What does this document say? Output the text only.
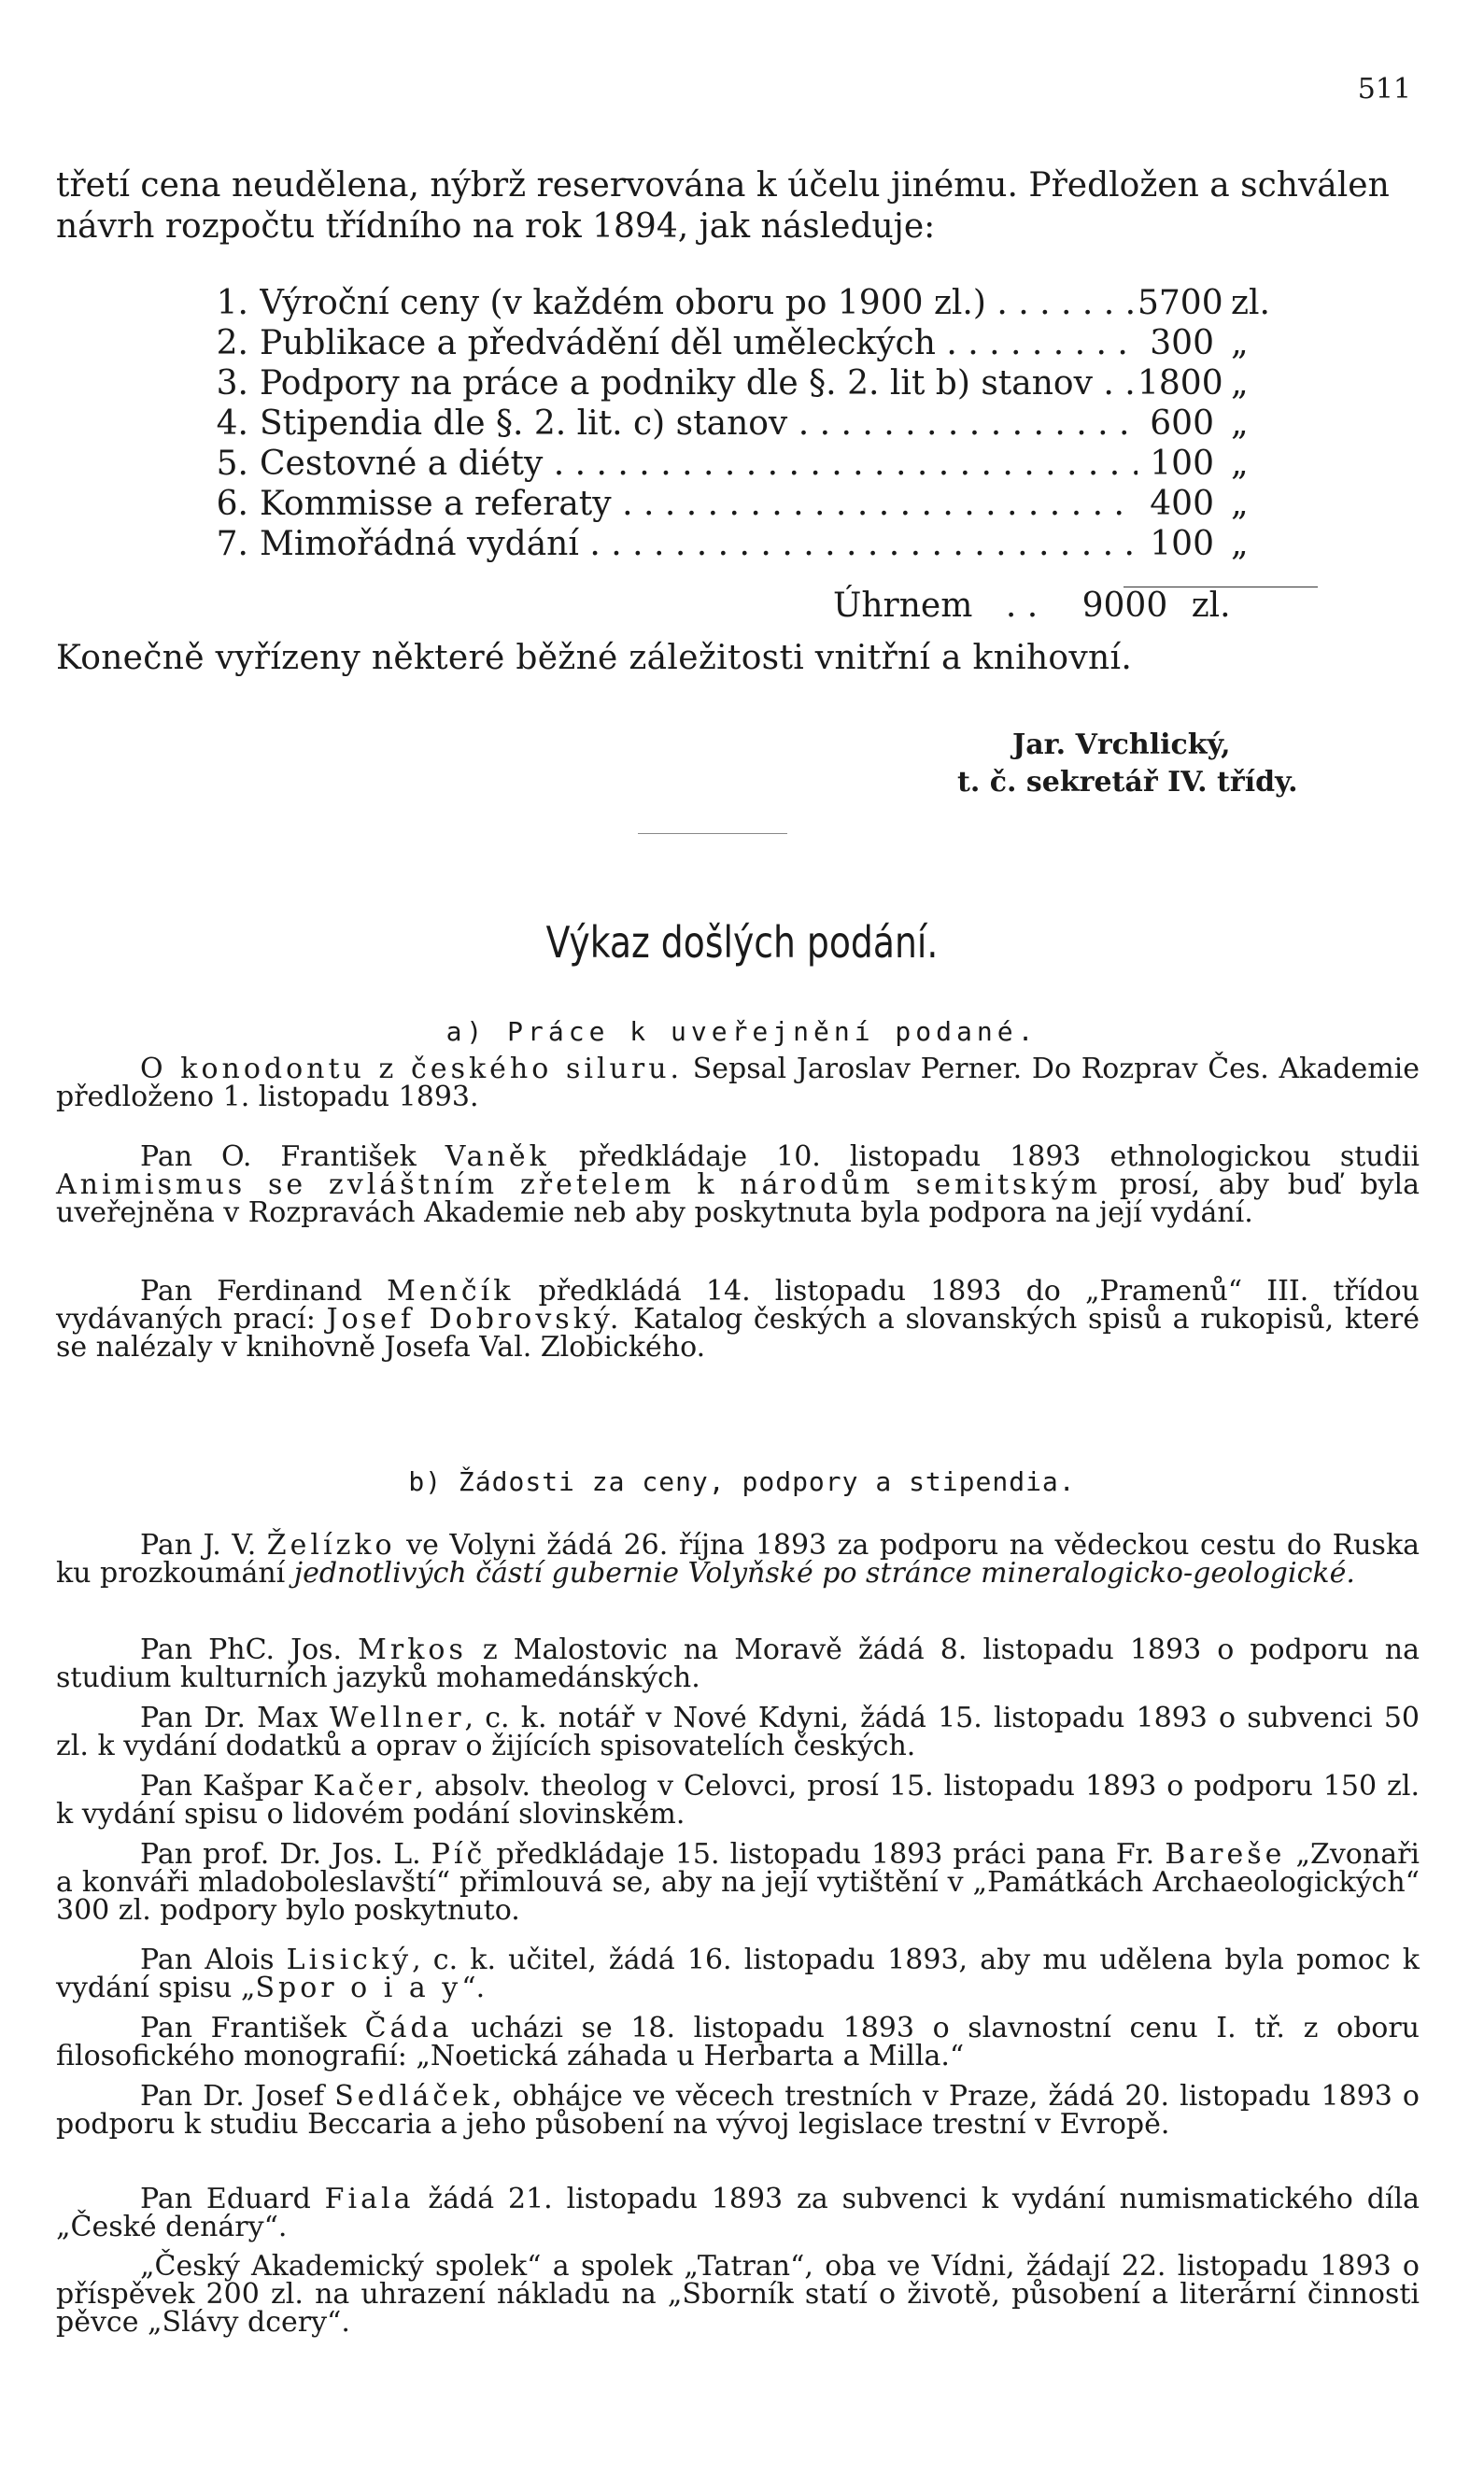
511
třetí cena neudělena, nýbrž reservována k účelu jinému. Předložen a schválen návrh rozpočtu třídního na rok 1894, jak následuje:
1. Výroční ceny (v každém oboru po 1900 zl.) . . .	5700 zl.
2. Publikace a předvádění děl uměleckých . . .	300 „
3. Podpory na práce a podniky dle §. 2. lit b) stanov . . .	1800 „
4. Stipendia dle §. 2. lit. c) stanov . . .	600 „
5. Cestovné a diéty . . .	100 „
6. Kommisse a referaty . . .	400 „
7. Mimořádná vydání . . .	100 „
Úhrnem . . 9000 zl.
Konečně vyřízeny některé běžné záležitosti vnitřní a knihovní.
Jar. Vrchlický,
t. č. sekretář IV. třídy.
Výkaz došlých podání.
a) Práce k uveřejnění podané.

O konodontu z českého siluru. Sepsal Jaroslav Perner. Do Rozprav Čes. Akademie předloženo 1. listopadu 1893.

Pan O. František Vaněk předkládaje 10. listopadu 1893 ethnologickou studii Animismus se zvláštním zřetelem k národům semitským prosí, aby buď byla uveřejněna v Rozpravách Akademie neb aby poskytnuta byla podpora na její vydání.

Pan Ferdinand Menčík předkládá 14. listopadu 1893 do „Pramenů“ III. třídou vydávaných prací: Josef Dobrovský. Katalog českých a slovanských spisů a rukopisů, které se nalézaly v knihovně Josefa Val. Zlobického.

b) Žádosti za ceny, podpory a stipendia.

Pan J. V. Želízko ve Volyni žádá 26. října 1893 za podporu na vědeckou cestu do Ruska ku prozkoumání jednotlivých částí gubernie Volyňské po stránce mineralogicko-geologické.

Pan PhC. Jos. Mrkos z Malostovic na Moravě žádá 8. listopadu 1893 o podporu na studium kulturních jazyků mohamedánských.

Pan Dr. Max Wellner, c. k. notář v Nové Kdyni, žádá 15. listopadu 1893 o subvenci 50 zl. k vydání dodatků a oprav o žijících spisovatelích českých.

Pan Kašpar Kačer, absolv. theolog v Celovci, prosí 15. listopadu 1893 o podporu 150 zl. k vydání spisu o lidovém podání slovinském.

Pan prof. Dr. Jos. L. Píč předkládaje 15. listopadu 1893 práci pana Fr. Bareše „Zvonaři a konváři mladoboleslavští“ přimlouvá se, aby na její vytištění v „Památkách Archaeologických“ 300 zl. podpory bylo poskytnuto.

Pan Alois Lisický, c. k. učitel, žádá 16. listopadu 1893, aby mu udělena byla pomoc k vydání spisu „Spor o i a y“.

Pan František Čáda ucházi se 18. listopadu 1893 o slavnostní cenu I. tř. z oboru filosofického monografií: „Noetická záhada u Herbarta a Milla.“

Pan Dr. Josef Sedláček, obhájce ve věcech trestních v Praze, žádá 20. listopadu 1893 o podporu k studiu Beccaria a jeho působení na vývoj legislace trestní v Evropě.

Pan Eduard Fiala žádá 21. listopadu 1893 za subvenci k vydání numismatického díla „České denáry“.

„Český Akademický spolek“ a spolek „Tatran“, oba ve Vídni, žádají 22. listopadu 1893 o příspěvek 200 zl. na uhrazení nákladu na „Sborník statí o životě, působení a literární činnosti pěvce „Slávy dcery“.
